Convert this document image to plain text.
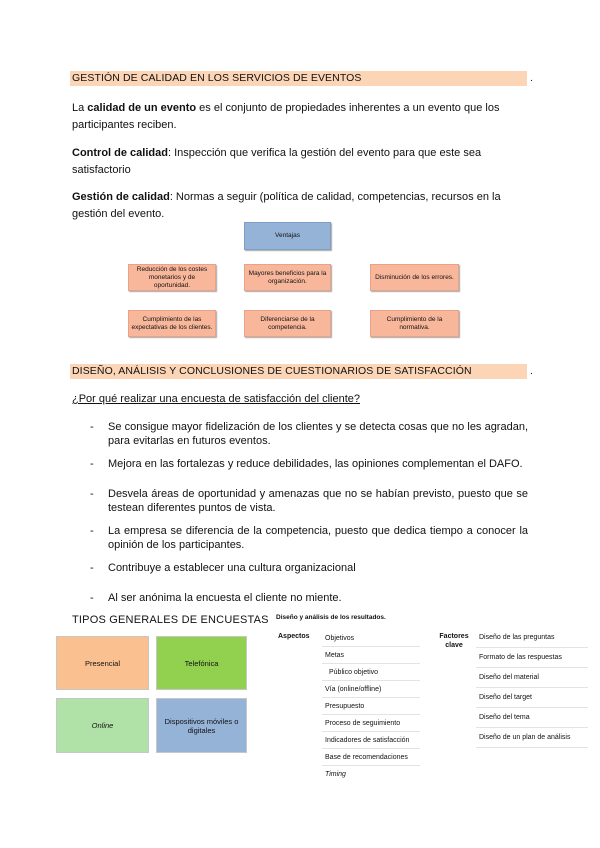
GESTIÓN DE CALIDAD EN LOS SERVICIOS DE EVENTOS	.

La calidad de un evento es el conjunto de propiedades inherentes a un evento que los participantes reciben.

Control de calidad: Inspección que verifica la gestión del evento para que este sea satisfactorio

Gestión de calidad: Normas a seguir (política de calidad, competencias, recursos en la gestión del evento.

Ventajas
Reducción de los costes monetarios y de oportunidad.
Mayores beneficios para la organización.
Disminución de los errores.
Cumplimiento de las expectativas de los clientes.
Diferenciarse de la competencia.
Cumplimiento de la normativa.
DISEÑO, ANÁLISIS Y CONCLUSIONES DE CUESTIONARIOS DE SATISFACCIÓN	.
¿Por qué realizar una encuesta de satisfacción del cliente?
- Se consigue mayor fidelización de los clientes y se detecta cosas que no les agradan, para evitarlas en futuros eventos.
- Mejora en las fortalezas y reduce debilidades, las opiniones complementan el DAFO.
- Desvela áreas de oportunidad y amenazas que no se habían previsto, puesto que se testean diferentes puntos de vista.
- La empresa se diferencia de la competencia, puesto que dedica tiempo a conocer la opinión de los participantes.
- Contribuye a establecer una cultura organizacional
- Al ser anónima la encuesta el cliente no miente.
TIPOS GENERALES DE ENCUESTAS
Presencial	Telefónica
Online	Dispositivos móviles o digitales
Diseño y análisis de los resultados.
Aspectos	Objetivos
Metas
Público objetivo
Vía (online/offline)
Presupuesto
Proceso de seguimiento
Indicadores de satisfacción
Base de recomendaciones
Timing
Factores clave
Diseño de las preguntas
Formato de las respuestas
Diseño del material
Diseño del target
Diseño del tema
Diseño de un plan de análisis
